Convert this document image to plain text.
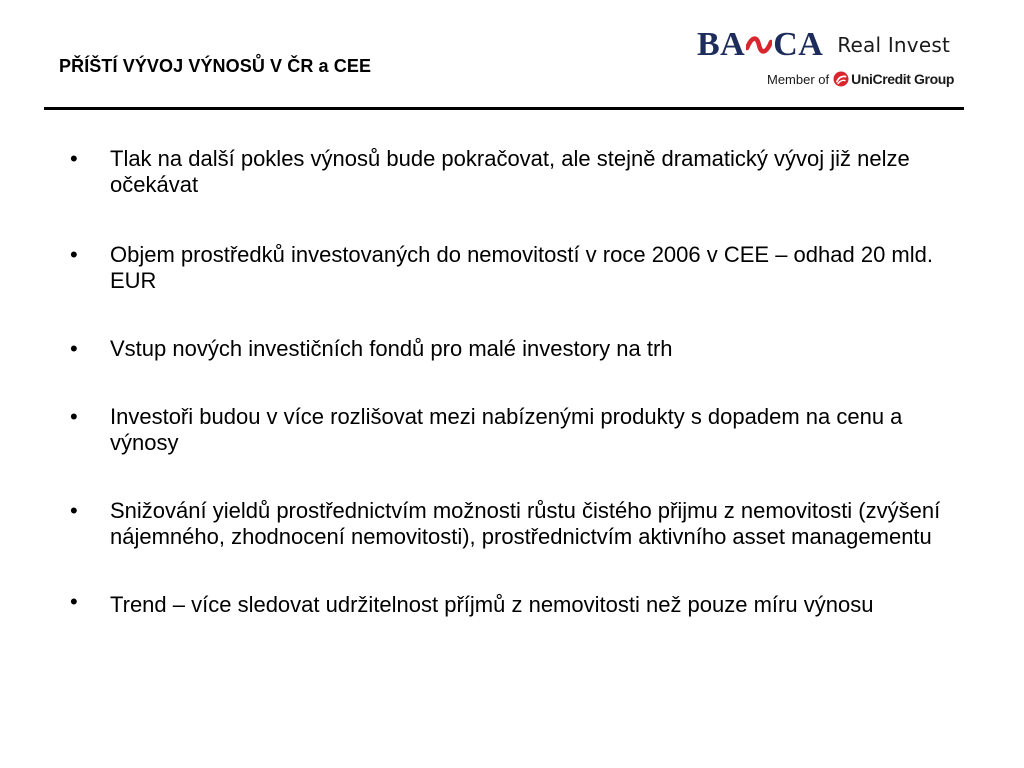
PŘÍŠTÍ VÝVOJ VÝNOSŮ V ČR a CEE
BA CA Real Invest
Member of UniCredit Group
•	Tlak na další pokles výnosů bude pokračovat, ale stejně dramatický vývoj již nelze očekávat
•	Objem prostředků investovaných do nemovitostí v roce 2006 v CEE – odhad 20 mld. EUR
•	Vstup nových investičních fondů pro malé investory na trh
•	Investoři budou v více rozlišovat mezi nabízenými produkty s dopadem na cenu a výnosy
•	Snižování yieldů prostřednictvím možnosti růstu čistého přijmu z nemovitosti (zvýšení nájemného, zhodnocení nemovitosti), prostřednictvím aktivního asset managementu
•	Trend – více sledovat udržitelnost příjmů z nemovitosti než pouze míru výnosu
